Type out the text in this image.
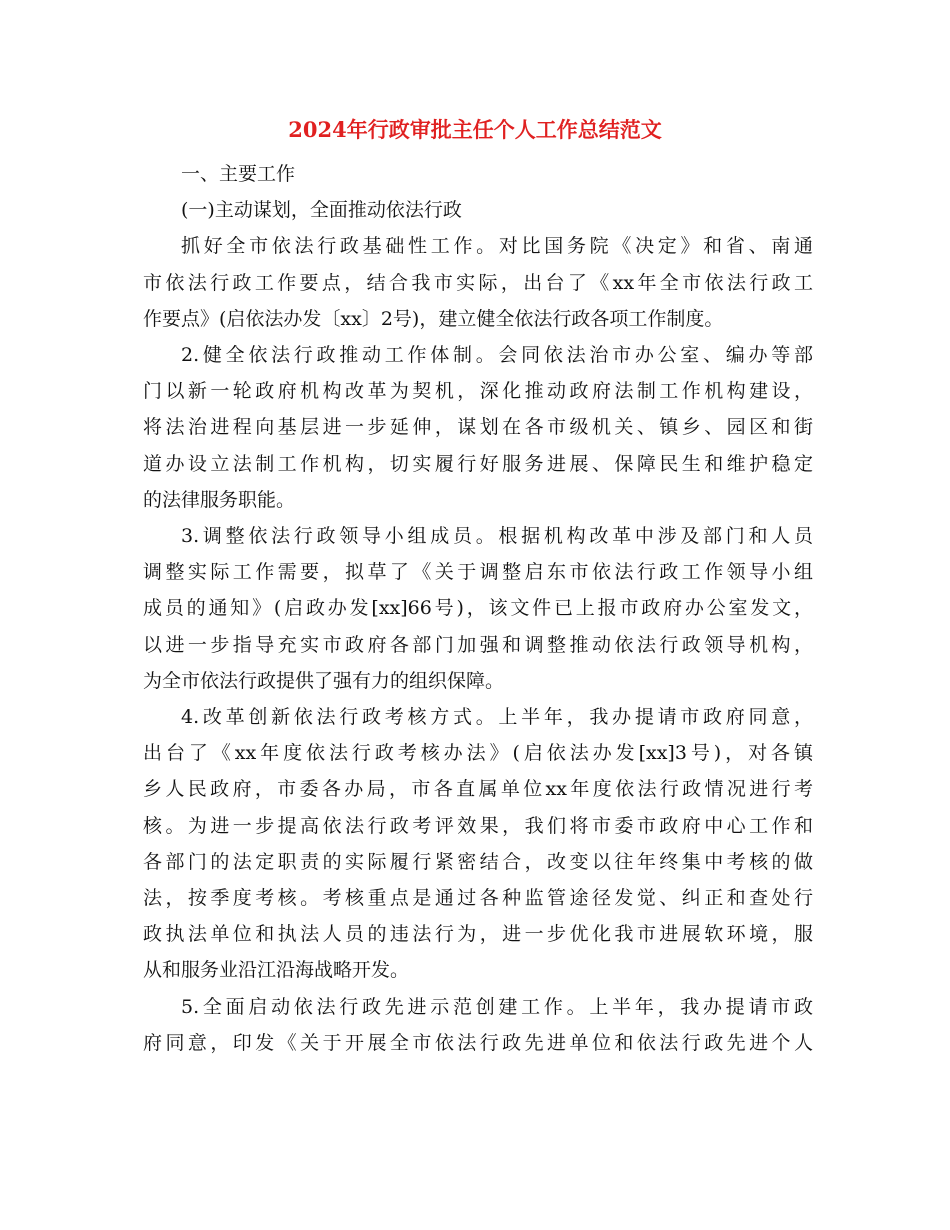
2024年行政审批主任个人工作总结范文

一、主要工作

(一)主动谋划，全面推动依法行政

抓好全市依法行政基础性工作。对比国务院《决定》和省、南通
市依法行政工作要点，结合我市实际，出台了《xx年全市依法行政工
作要点》(启依法办发〔xx〕2号)，建立健全依法行政各项工作制度。

2.健全依法行政推动工作体制。会同依法治市办公室、编办等部
门以新一轮政府机构改革为契机，深化推动政府法制工作机构建设，
将法治进程向基层进一步延伸，谋划在各市级机关、镇乡、园区和街
道办设立法制工作机构，切实履行好服务进展、保障民生和维护稳定
的法律服务职能。

3.调整依法行政领导小组成员。根据机构改革中涉及部门和人员
调整实际工作需要，拟草了《关于调整启东市依法行政工作领导小组
成员的通知》(启政办发[xx]66号)，该文件已上报市政府办公室发文，
以进一步指导充实市政府各部门加强和调整推动依法行政领导机构，
为全市依法行政提供了强有力的组织保障。

4.改革创新依法行政考核方式。上半年，我办提请市政府同意，
出台了《xx年度依法行政考核办法》(启依法办发[xx]3号)，对各镇
乡人民政府，市委各办局，市各直属单位xx年度依法行政情况进行考
核。为进一步提高依法行政考评效果，我们将市委市政府中心工作和
各部门的法定职责的实际履行紧密结合，改变以往年终集中考核的做
法，按季度考核。考核重点是通过各种监管途径发觉、纠正和查处行
政执法单位和执法人员的违法行为，进一步优化我市进展软环境，服
从和服务业沿江沿海战略开发。

5.全面启动依法行政先进示范创建工作。上半年，我办提请市政
府同意，印发《关于开展全市依法行政先进单位和依法行政先进个人
